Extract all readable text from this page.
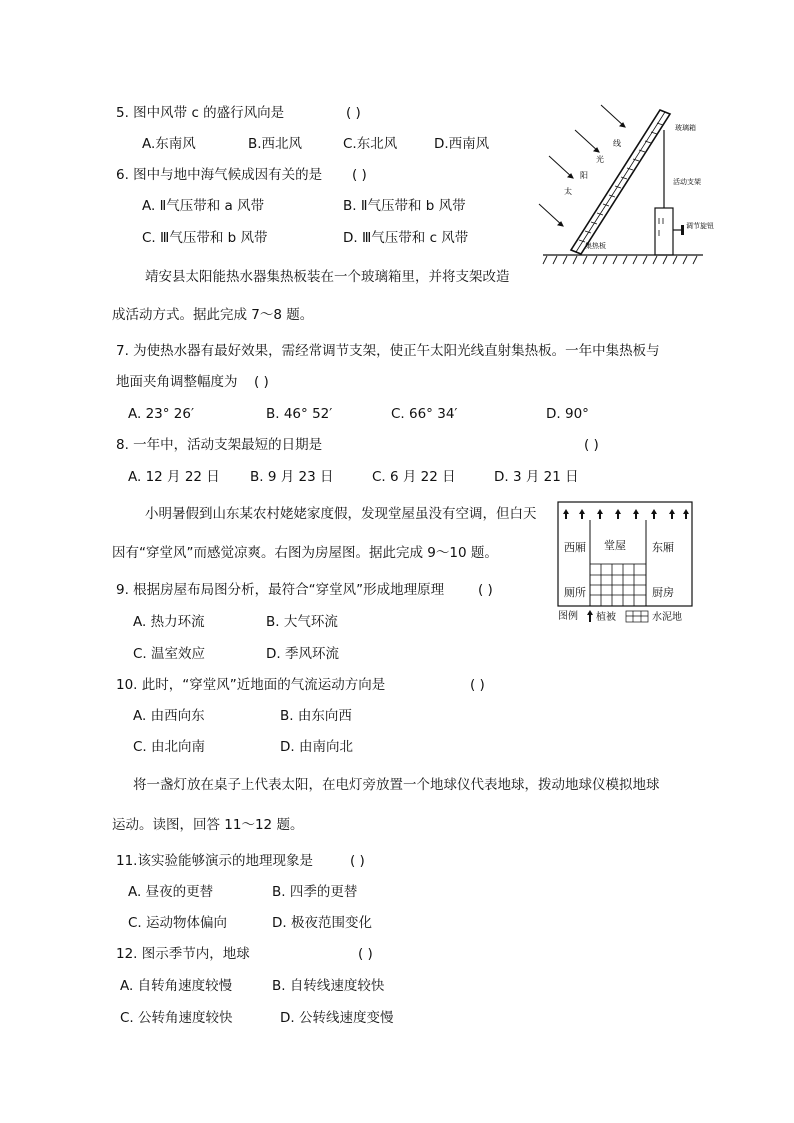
5. 图中风带 c 的盛行风向是	( )
A.东南风	B.西北风	C.东北风	D.西南风
6. 图中与地中海气候成因有关的是 ( )
A. Ⅱ气压带和 a 风带	B. Ⅱ气压带和 b 风带
C. Ⅲ气压带和 b 风带	D. Ⅲ气压带和 c 风带
太
阳
光
线
玻璃箱
活动支架
调节旋钮
集热板
靖安县太阳能热水器集热板装在一个玻璃箱里，并将支架改造
成活动方式。据此完成 7～8 题。
7. 为使热水器有最好效果，需经常调节支架，使正午太阳光线直射集热板。一年中集热板与
地面夹角调整幅度为 ( )
A. 23° 26′	B. 46° 52′	C. 66° 34′	D. 90°
8. 一年中，活动支架最短的日期是	( )
A. 12 月 22 日 B. 9 月 23 日	C. 6 月 22 日	D. 3 月 21 日
小明暑假到山东某农村姥姥家度假，发现堂屋虽没有空调，但白天
因有“穿堂风”而感觉凉爽。右图为房屋图。据此完成 9～10 题。	西厢 堂屋 东厢
厕所	厨房
图例 植被	水泥地
9. 根据房屋布局图分析，最符合“穿堂风”形成地理原理	( )
A. 热力环流	B. 大气环流
C. 温室效应	D. 季风环流
10. 此时，“穿堂风”近地面的气流运动方向是	( )
A. 由西向东	B. 由东向西
C. 由北向南	D. 由南向北
将一盏灯放在桌子上代表太阳，在电灯旁放置一个地球仪代表地球，拨动地球仪模拟地球
运动。读图，回答 11～12 题。
11.该实验能够演示的地理现象是	( )
A. 昼夜的更替	B. 四季的更替
C. 运动物体偏向	D. 极夜范围变化
12. 图示季节内，地球	( )
A. 自转角速度较慢	B. 自转线速度较快
C. 公转角速度较快	D. 公转线速度变慢
